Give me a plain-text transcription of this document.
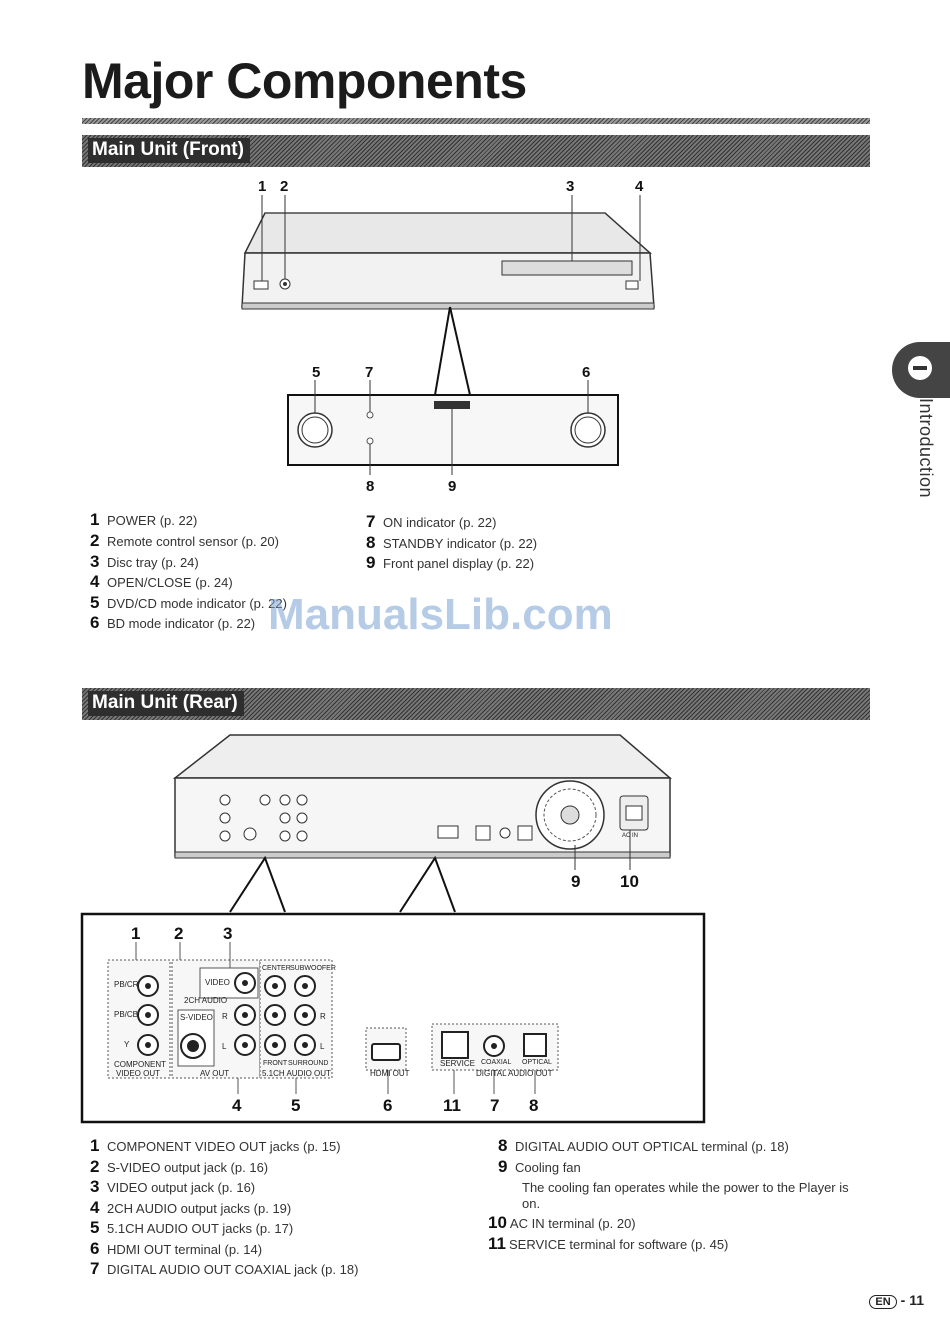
Major Components
Main Unit (Front)
1 2	3	4
5	7	6
8	9
1 POWER (p. 22)
2 Remote control sensor (p. 20)
3 Disc tray (p. 24)
4 OPEN/CLOSE (p. 24)
5 DVD/CD mode indicator (p. 22)
6 BD mode indicator (p. 22)
7 ON indicator (p. 22)
8 STANDBY indicator (p. 22)
9 Front panel display (p. 22)
ManualsLib.com
Main Unit (Rear)
9 10
PB/CR
PB/CB
Y
COMPONENT
VIDEO OUT
VIDEO
2CH AUDIO
S-VIDEO R
L
AV OUT
CENTER SUBWOOFER
R
L
FRONT SURROUND
5.1CH AUDIO OUT	HDMI OUT
SERVICE COAXIAL OPTICAL
DIGITAL AUDIO OUT
AC IN
1 2 3
4	5	6	11 7 8
1 COMPONENT VIDEO OUT jacks (p. 15)
2 S-VIDEO output jack (p. 16)
3 VIDEO output jack (p. 16)
4 2CH AUDIO output jacks (p. 19)
5 5.1CH AUDIO OUT jacks (p. 17)
6 HDMI OUT terminal (p. 14)
7 DIGITAL AUDIO OUT COAXIAL jack (p. 18)
8 DIGITAL AUDIO OUT OPTICAL terminal (p. 18)
9 Cooling fan
The cooling fan operates while the power to the Player is on.
10 AC IN terminal (p. 20)
11 SERVICE terminal for software (p. 45)
Introduction
EN - 11
